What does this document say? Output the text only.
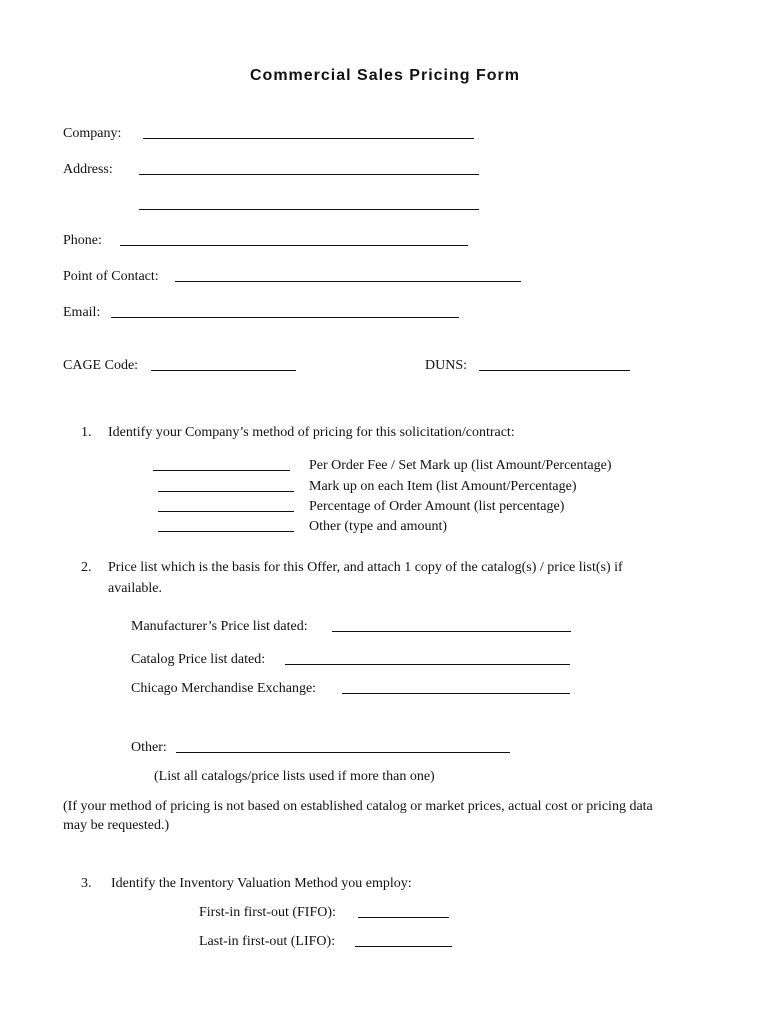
Commercial Sales Pricing Form
Company:
Address:
Phone:
Point of Contact:
Email:
CAGE Code:	DUNS:
1. Identify your Company’s method of pricing for this solicitation/contract:
Per Order Fee / Set Mark up (list Amount/Percentage)
Mark up on each Item (list Amount/Percentage)
Percentage of Order Amount (list percentage)
Other (type and amount)
2. Price list which is the basis for this Offer, and attach 1 copy of the catalog(s) / price list(s) if
available.
Manufacturer’s Price list dated:
Catalog Price list dated:
Chicago Merchandise Exchange:
Other:
(List all catalogs/price lists used if more than one)
(If your method of pricing is not based on established catalog or market prices, actual cost or pricing data
may be requested.)
3. Identify the Inventory Valuation Method you employ:
First-in first-out (FIFO):
Last-in first-out (LIFO):
